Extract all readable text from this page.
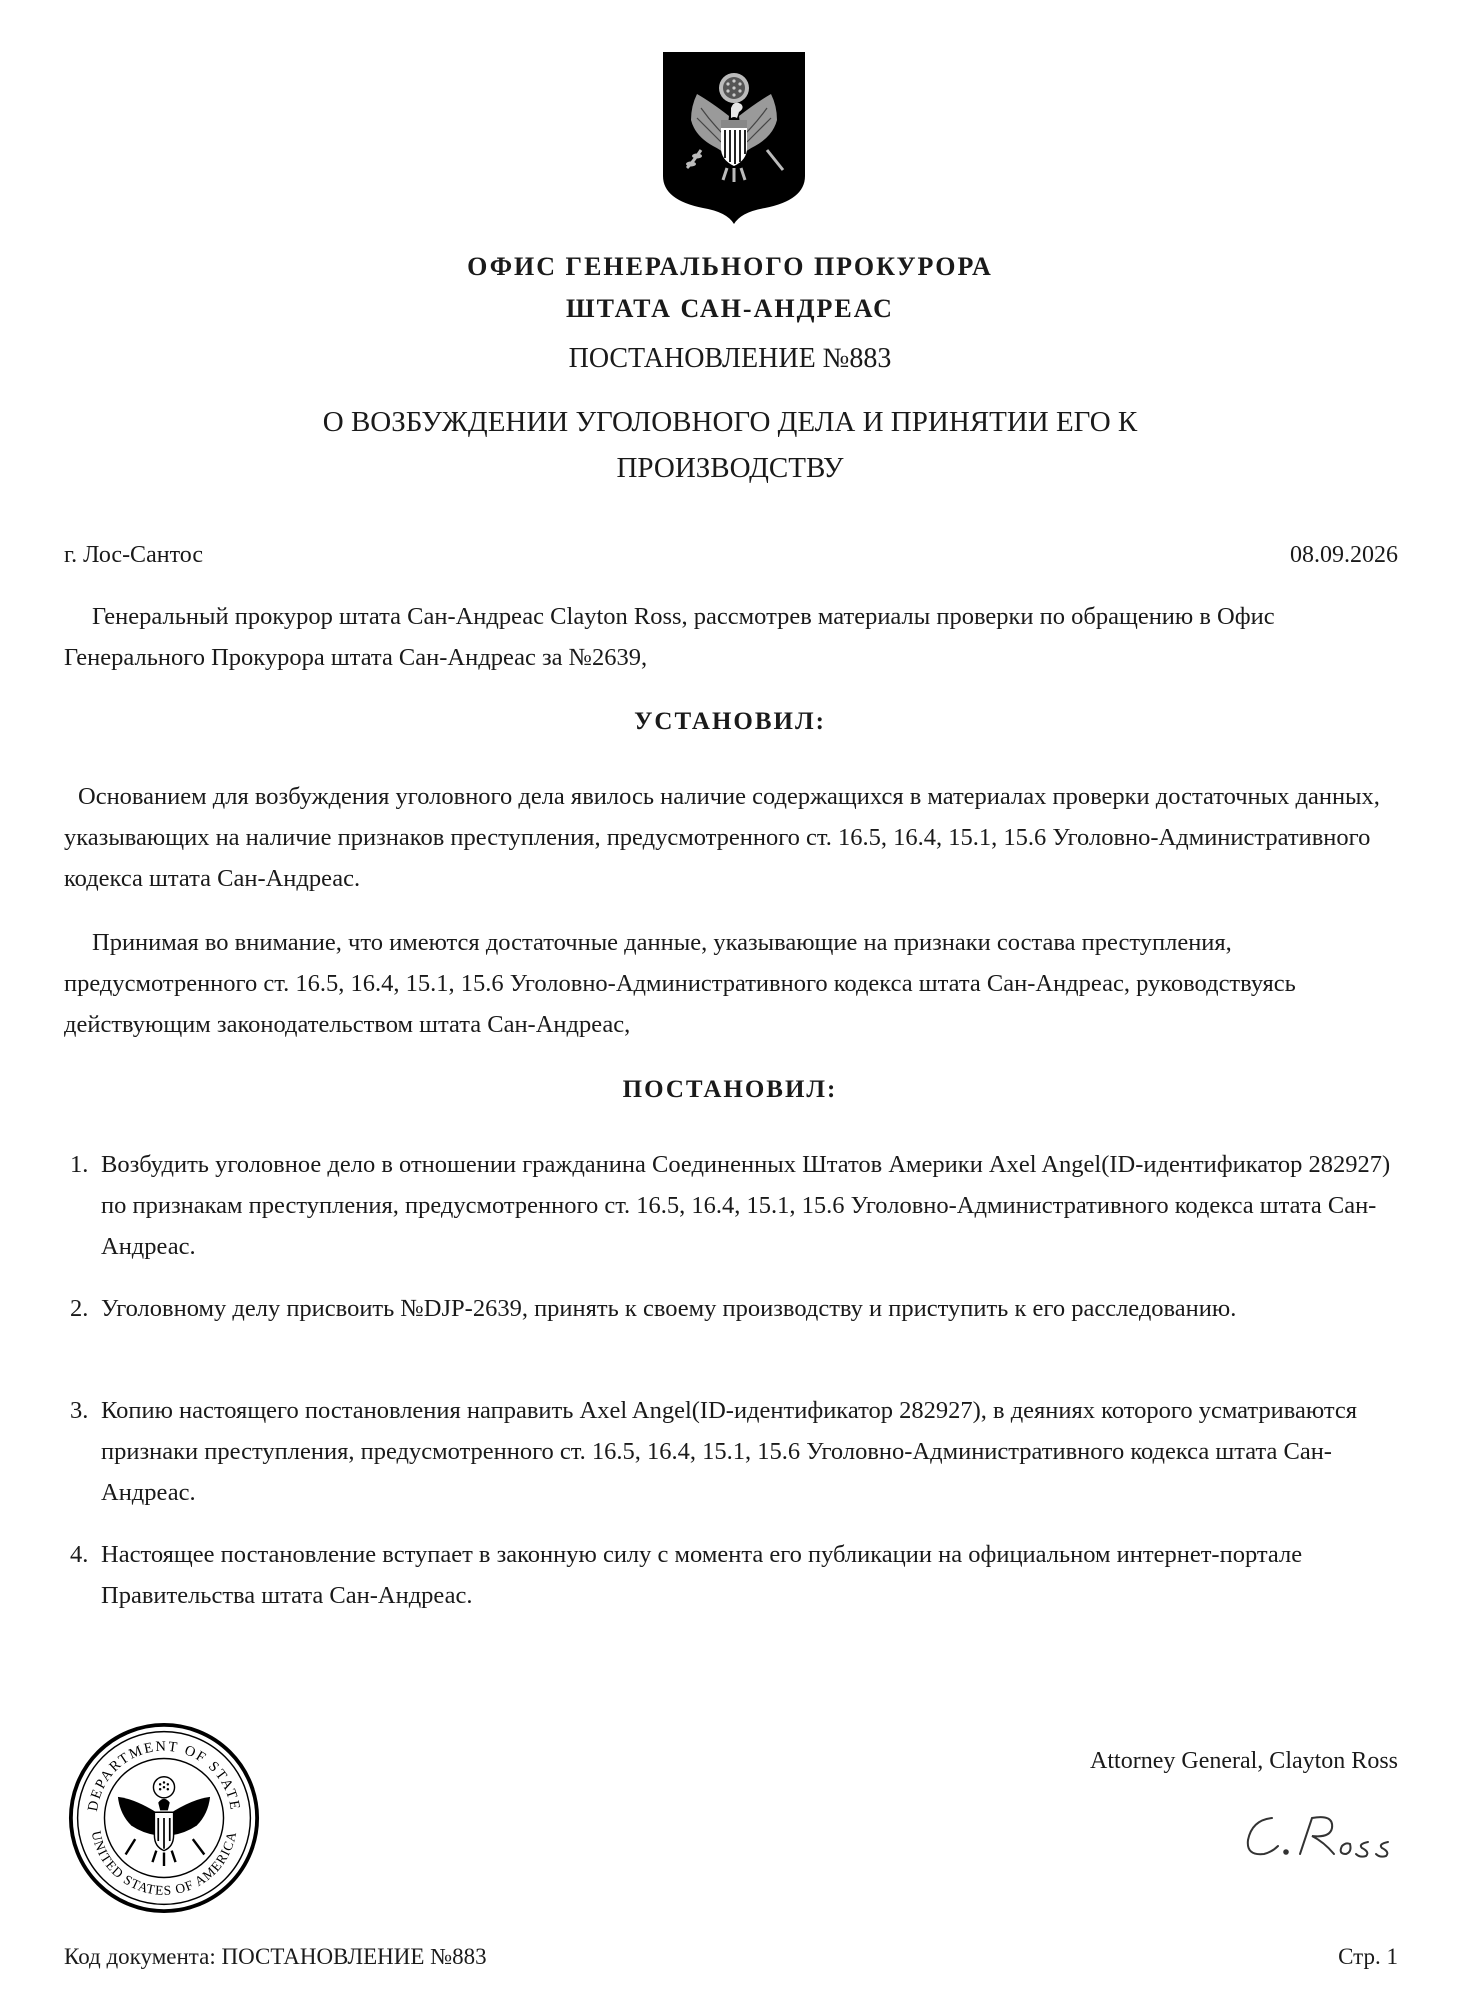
ОФИС ГЕНЕРАЛЬНОГО ПРОКУРОРА
ШТАТА САН-АНДРЕАС
ПОСТАНОВЛЕНИЕ №883
О ВОЗБУЖДЕНИИ УГОЛОВНОГО ДЕЛА И ПРИНЯТИИ ЕГО К ПРОИЗВОДСТВУ
г. Лос-Сантос	08.09.2026
Генеральный прокурор штата Сан-Андреас Clayton Ross, рассмотрев материалы проверки по обращению в Офис Генерального Прокурора штата Сан-Андреас за №2639,
УСТАНОВИЛ:
Основанием для возбуждения уголовного дела явилось наличие содержащихся в материалах проверки достаточных данных, указывающих на наличие признаков преступления, предусмотренного ст. 16.5, 16.4, 15.1, 15.6 Уголовно-Административного кодекса штата Сан-Андреас.
Принимая во внимание, что имеются достаточные данные, указывающие на признаки состава преступления, предусмотренного ст. 16.5, 16.4, 15.1, 15.6 Уголовно-Административного кодекса штата Сан-Андреас, руководствуясь действующим законодательством штата Сан-Андреас,
ПОСТАНОВИЛ:
1. Возбудить уголовное дело в отношении гражданина Соединенных Штатов Америки Axel Angel(ID-идентификатор 282927) по признакам преступления, предусмотренного ст. 16.5, 16.4, 15.1, 15.6 Уголовно-Административного кодекса штата Сан-Андреас.
2. Уголовному делу присвоить №DJP-2639, принять к своему производству и приступить к его расследованию.
3. Копию настоящего постановления направить Axel Angel(ID-идентификатор 282927), в деяниях которого усматриваются признаки преступления, предусмотренного ст. 16.5, 16.4, 15.1, 15.6 Уголовно-Административного кодекса штата Сан-Андреас.
4. Настоящее постановление вступает в законную силу с момента его публикации на официальном интернет-портале Правительства штата Сан-Андреас.
DEPARTMENT OF STATE
UNITED STATES OF AMERICA
Attorney General, Clayton Ross
Код документа: ПОСТАНОВЛЕНИЕ №883	Стр. 1
